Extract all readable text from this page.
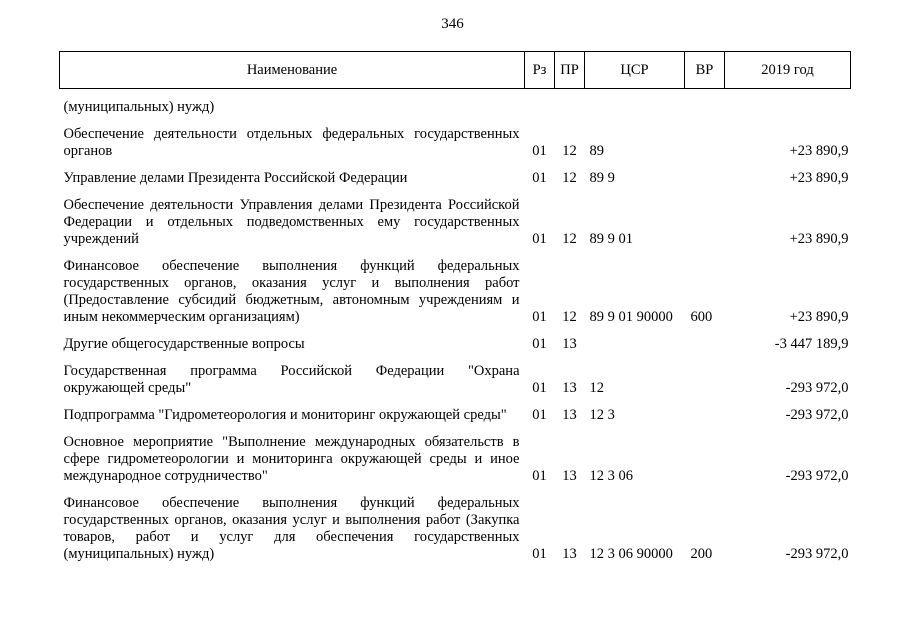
346
Наименование	Рз	ПР	ЦСР	ВР	2019 год
(муниципальных) нужд)					
Обеспечение деятельности отдельных федеральных государственных органов	01	12	89		+23 890,9
Управление делами Президента Российской Федерации	01	12	89 9		+23 890,9
Обеспечение деятельности Управления делами Президента Российской Федерации и отдельных подведомственных ему государственных учреждений	01	12	89 9 01		+23 890,9
Финансовое обеспечение выполнения функций федеральных государственных органов, оказания услуг и выполнения работ (Предоставление субсидий бюджетным, автономным учреждениям и иным некоммерческим организациям)	01	12	89 9 01 90000	600	+23 890,9
Другие общегосударственные вопросы	01	13			-3 447 189,9
Государственная программа Российской Федерации "Охрана окружающей среды"	01	13	12		-293 972,0
Подпрограмма "Гидрометеорология и мониторинг окружающей среды"	01	13	12 3		-293 972,0
Основное мероприятие "Выполнение международных обязательств в сфере гидрометеорологии и мониторинга окружающей среды и иное международное сотрудничество"	01	13	12 3 06		-293 972,0
Финансовое обеспечение выполнения функций федеральных государственных органов, оказания услуг и выполнения работ (Закупка товаров, работ и услуг для обеспечения государственных (муниципальных) нужд)	01	13	12 3 06 90000	200	-293 972,0
